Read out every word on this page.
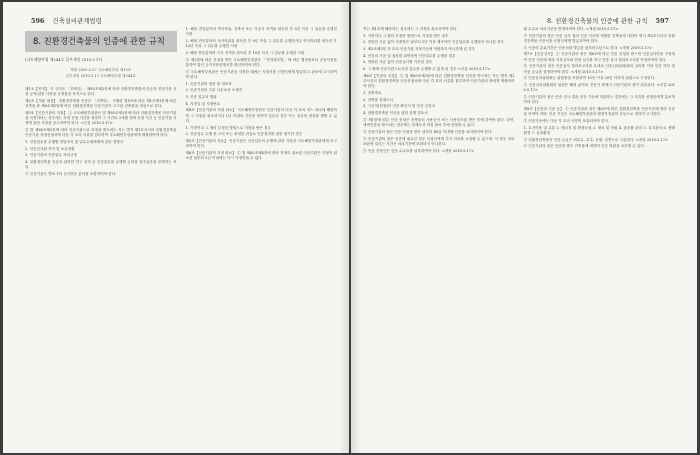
596 건축설비관계법령
8. 친환경건축물의 인증에 관한 규칙
[국토해양부령 제244호 일부개정 2010.5.17]
제정 2005.5.27 국토해양부령 제15호
일부개정 2010.5.17 국토해양부령 제244호

제1조【목적】 이 규칙은 「건축법」, 제65조제2항에 따라 친환경건축물의 인증과 인증기관 지정 등에 관한 사항을 규정함을 목적으로 한다.

제2조【적용 대상】 친환경건축물 인증은 「건축법」 시행령 별표1에 따른 제1조제1항에 따른 건축물 중 제8조제1항에 따른 친환경건축물 인증기준이 고시된 건축물을 대상으로 한다.

제3조【인증기관의 지정】 ① 국토해양부장관은 법 제65조제2항에 따라 친환경건축물 인증기관을 지정하려는 경우에는 지정 신청 기간을 정하여 그 기간의 3개월 전에 신청 기간 등 인증기관 지정에 관한 사항을 공고하여야 한다. <신설 2010.5.17>

② 법 제65조제2항에 따라 인증기관으로 지정을 받으려는 자는 별지 제1호서식의 친환경건축물 인증기관 지정신청서에 다음 각 호의 서류를 첨부하여 국토해양부장관에게 제출하여야 한다.

1. 인증업무를 수행할 전담조직 및 업무수행체계에 관한 설명서

2. 인증심사원 자격 및 보유현황

3. 인증기관의 인증업무 처리규정

4. 친환경건축물 인증과 관련한 연구 실적 등 인증업무를 수행할 능력을 갖추었음을 증명하는 서류

③ 인증기관은 별표 1의 심사전문 분야를 포함하여야 한다.

1. 해당 전문분야의 박사학위, 건축사 또는 기술사 자격을 취득한 후 3년 이상 그 업무를 수행한 사람

2. 해당 전문분야의 석사학위를 취득한 후 9년 이상 그 업무를 수행하거나 학사학위를 취득한 후 12년 이상 그 업무를 수행한 사람

3. 해당 전문분야의 기사 자격을 취득한 후 10년 이상 그 업무를 수행한 사람

④ 제2항에 따른 신청을 받은 국토해양부장관은 「전자정부법」에 따른 행정정보의 공동이용을 통하여 법인 등기사항증명서를 확인하여야 한다.

⑤ 국토해양부장관은 인증기관을 지정한 때에는 지정서를 신청인에게 발급하고 관보에 고시하여야 한다.

1. 인증기관의 명칭 및 대표자

2. 인증기관의 주된 사무소의 소재지

3. 인증 업무의 범위

4. 지정일 및 지정번호

제4조【인증기관의 지정 취소】 국토해양부장관은 인증기관이 다음 각 호의 어느 하나에 해당하면 그 지정을 취소하거나 1년 이내의 기간을 정하여 업무의 전부 또는 일부의 정지를 명할 수 있다.

1. 거짓이나 그 밖의 부정한 방법으로 지정을 받은 경우

2. 인증업무 수행 중 고의 또는 중대한 과실로 인증결과를 잘못 평가한 경우

제5조【인증기관의 의무】 인증기관은 인증업무의 수행에 관한 사항을 국토해양부장관에게 보고하여야 한다.

제6조【인증기관의 지정 취소】 ① 법 제65조제4항에 따라 지정이 취소된 인증기관은 지정이 취소된 날부터 2년 이내에는 다시 지정받을 수 없다.

8. 친환경건축물의 인증에 관한 규칙 597

여는 제1호에 해당하는 경우에는 그 지정을 취소하여야 한다.

1. 거짓이나 그 밖의 부정한 방법으로 지정을 받은 경우

2. 정당한 사유 없이 지정받은 날부터 1년 이상 계속하여 인증업무를 수행하지 아니한 경우

3. 제3조제2항 각 호의 인증기관 지정기준에 적합하지 아니하게 된 경우

4. 인증의 기준 및 절차를 위반하여 인증업무를 수행한 경우

5. 정당한 사유 없이 인증심사를 거부한 경우

6. 그 밖에 인증기관으로서의 업무를 수행할 수 없게 된 경우 <신설 2010.5.17>

제6조【인증의 신청】 ① 법 제65조제3항에 따른 친환경건축물 인증을 받으려는 자는 별지 제2호서식의 친환경건축물 인증신청서에 다음 각 호의 서류를 첨부하여 인증기관의 장에게 제출하여야 한다.

1. 건축개요

2. 건축물 설계도서

3. 시공자(현장)의 인증 확인서 및 인증 신청서

4. 친환경건축물 인증을 위한 설계 검토서

② 제1항에 따른 인증 신청은 건축물의 사용승인 또는 사용검사를 받은 후에 하여야 한다. 다만, 예비인증을 받으려는 경우에는 설계도서 작성 완료 후에 신청할 수 있다.

③ 인증기관의 장은 인증 신청을 받은 날부터 40일 이내에 인증을 처리하여야 한다.

④ 인증기관의 장은 인증에 필요한 경우 신청인에게 추가 자료를 요청할 수 있으며, 이 경우 자료 보완에 걸리는 기간은 처리기간에 포함하지 아니한다.

⑤ 인증 신청인은 인증 수수료를 납부하여야 한다. <개정 2010.5.17>

와 수수료 처리기준을 반영하여야 한다. <개정 2010.5.17>

③ 인증기관의 장은 인증 심사 결과 인증 기준에 적합한 건축물에 대하여 별지 제3호서식의 친환경건축물 인증서를 신청인에게 발급하여야 한다.

④ 인증의 유효기간은 인증서를 발급한 날부터 5년으로 한다. <개정 2010.5.17>

제7조【인증심사】 ① 인증기관의 장은 제6조에 따른 인증 신청을 받으면 인증심사단을 구성하여 인증 기준에 따라 서류심사와 현장 실사를 하고 인증 심사 결과보고서를 작성하여야 한다.

② 인증기관의 장은 인증심사 결과보고서를 토대로 인증심의위원회의 심의를 거쳐 인증 여부 및 인증 등급을 결정하여야 한다. <개정 2010.5.17>

③ 인증심의위원회는 위원장을 포함하여 10인 이상 20인 이하의 위원으로 구성한다.

④ 인증심의위원회의 위원은 해당 분야의 전문가 중에서 인증기관의 장이 위촉한다. <신설 2010.5.17>

⑤ 인증기관의 장은 인증 심사 결과 인증 기준에 미달하는 경우에는 그 사유를 신청인에게 통보하여야 한다.

제8조【인증의 기준 등】 ① 인증기관의 장은 제6조에 따른 친환경건축물 인증기준에 따라 인증을 하여야 하며, 인증 기준은 국토해양부장관과 환경부장관이 공동으로 정하여 고시한다.

② 인증기준에는 다음 각 호의 사항이 포함되어야 한다.

1. 토지이용 및 교통 2. 에너지 및 환경오염 3. 재료 및 자원 4. 물순환 관리 5. 유지관리 6. 생태환경 7. 실내환경

③ 친환경건축물의 인증 등급은 최우수, 우수, 우량, 일반으로 구분한다. <개정 2010.5.17>

④ 인증기관의 장은 인증을 받은 건축물에 대하여 인증 명판을 교부할 수 있다.
